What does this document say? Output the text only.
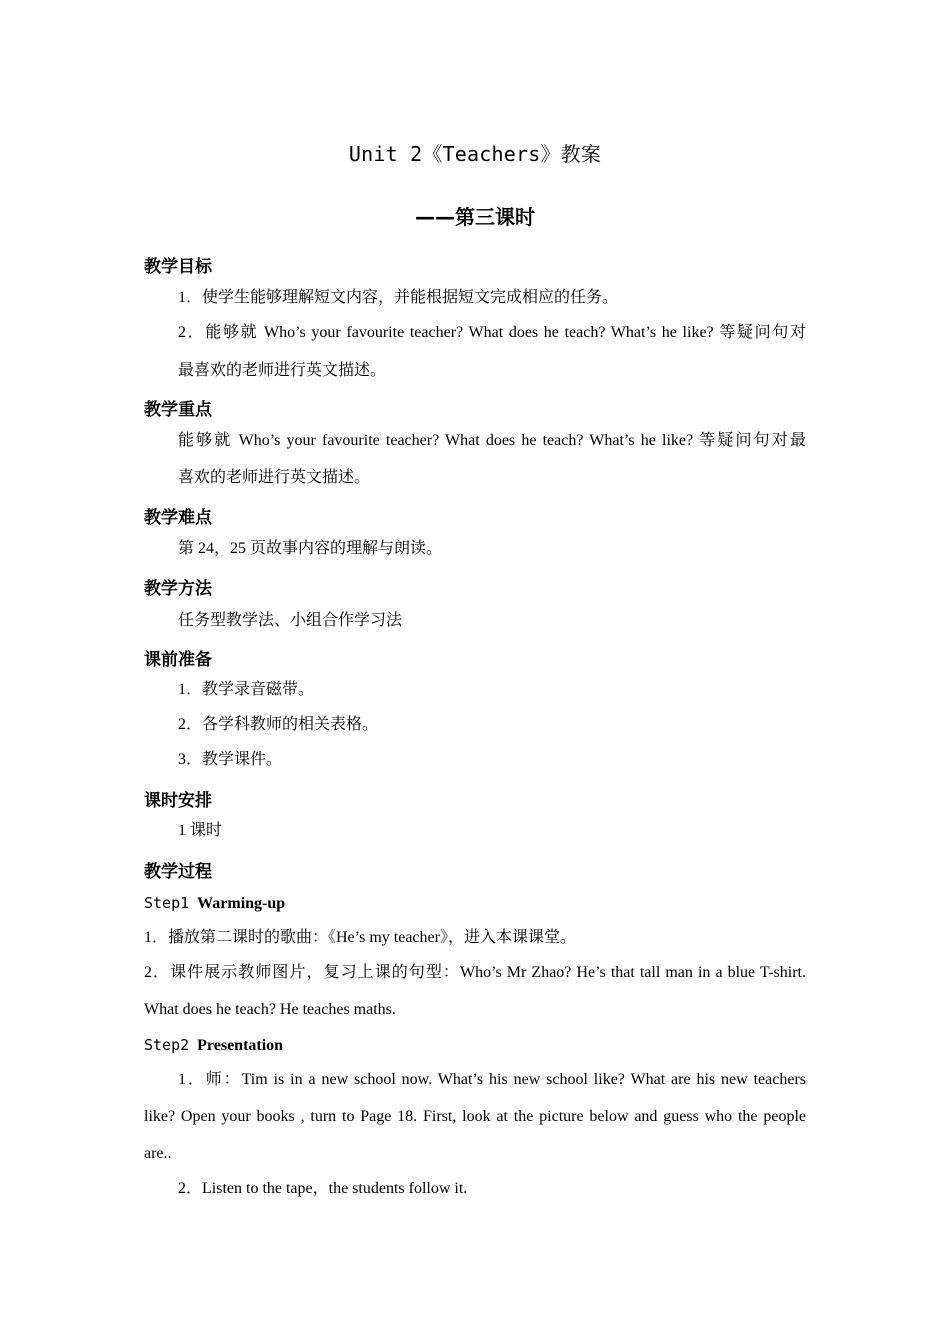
Unit 2《Teachers》教案
——第三课时
教学目标

1．使学生能够理解短文内容，并能根据短文完成相应的任务。

2．能够就 Who’s your favourite teacher? What does he teach? What’s he like? 等疑问句对

最喜欢的老师进行英文描述。

教学重点

能够就 Who’s your favourite teacher? What does he teach? What’s he like? 等疑问句对最

喜欢的老师进行英文描述。

教学难点

第 24，25 页故事内容的理解与朗读。

教学方法

任务型教学法、小组合作学习法

课前准备

1．教学录音磁带。

2．各学科教师的相关表格。

3．教学课件。

课时安排

1 课时

教学过程

Step1 Warming-up

1．播放第二课时的歌曲：《He’s my teacher》，进入本课课堂。

2．课件展示教师图片，复习上课的句型：Who’s Mr Zhao? He’s that tall man in a blue T-shirt.

What does he teach? He teaches maths.

Step2 Presentation

1．师：Tim is in a new school now. What’s his new school like? What are his new teachers

like? Open your books , turn to Page 18. First, look at the picture below and guess who the people

are..

2．Listen to the tape，the students follow it.
